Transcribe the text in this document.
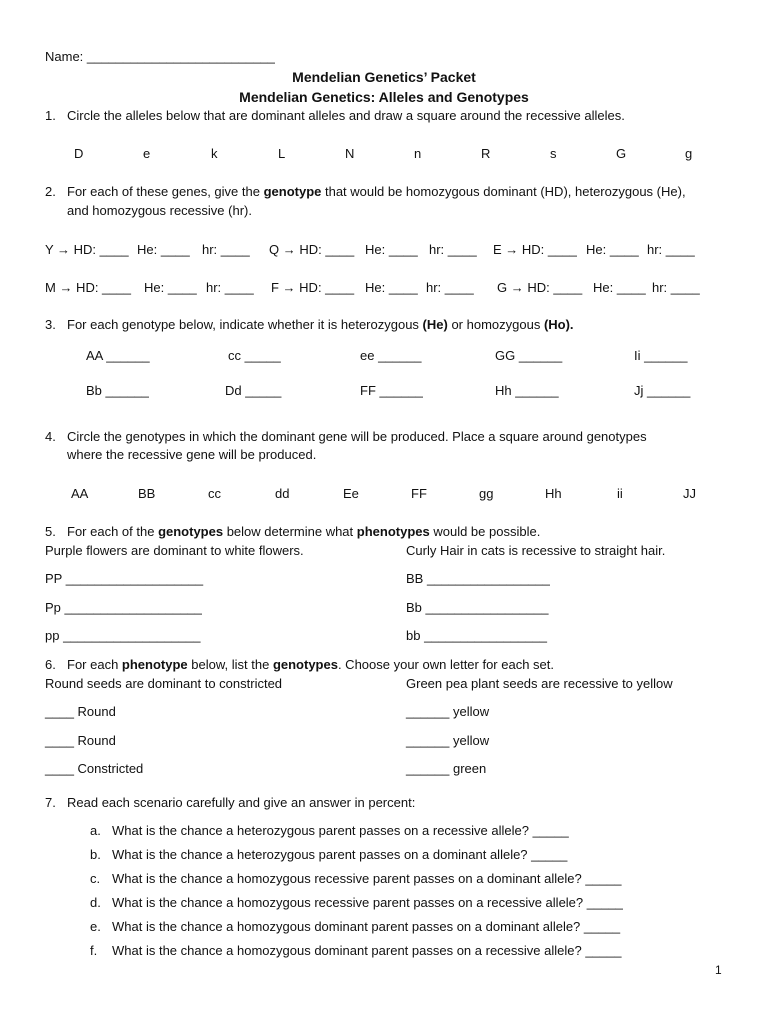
Name: __________________________
Mendelian Genetics’ Packet
Mendelian Genetics: Alleles and Genotypes
1. Circle the alleles below that are dominant alleles and draw a square around the recessive alleles.
D	e	k	L	N	n	R	s	G	g
2. For each of these genes, give the genotype that would be homozygous dominant (HD), heterozygous (He),
and homozygous recessive (hr).
Y → HD: ____ He: ____ hr: ____ Q → HD: ____ He: ____ hr: ____ E → HD: ____ He: ____ hr: ____
M → HD: ____ He: ____ hr: ____ F → HD: ____ He: ____ hr: ____ G → HD: ____ He: ____ hr: ____
3. For each genotype below, indicate whether it is heterozygous (He) or homozygous (Ho).
AA ______	cc _____	ee ______	GG ______	Ii ______
Bb ______	Dd _____	FF ______	Hh ______	Jj ______
4. Circle the genotypes in which the dominant gene will be produced. Place a square around genotypes
where the recessive gene will be produced.
AA	BB	cc	dd	Ee	FF	gg	Hh	ii	JJ
5. For each of the genotypes below determine what phenotypes would be possible.
Purple flowers are dominant to white flowers.	Curly Hair in cats is recessive to straight hair.
PP ___________________	BB _________________
Pp ___________________	Bb _________________
pp ___________________	bb _________________
6. For each phenotype below, list the genotypes. Choose your own letter for each set.
Round seeds are dominant to constricted	Green pea plant seeds are recessive to yellow
____ Round	______ yellow
____ Round	______ yellow
____ Constricted	______ green
7. Read each scenario carefully and give an answer in percent:
a. What is the chance a heterozygous parent passes on a recessive allele? _____
b. What is the chance a heterozygous parent passes on a dominant allele? _____
c. What is the chance a homozygous recessive parent passes on a dominant allele? _____
d. What is the chance a homozygous recessive parent passes on a recessive allele? _____
e. What is the chance a homozygous dominant parent passes on a dominant allele? _____
f. What is the chance a homozygous dominant parent passes on a recessive allele? _____
1
